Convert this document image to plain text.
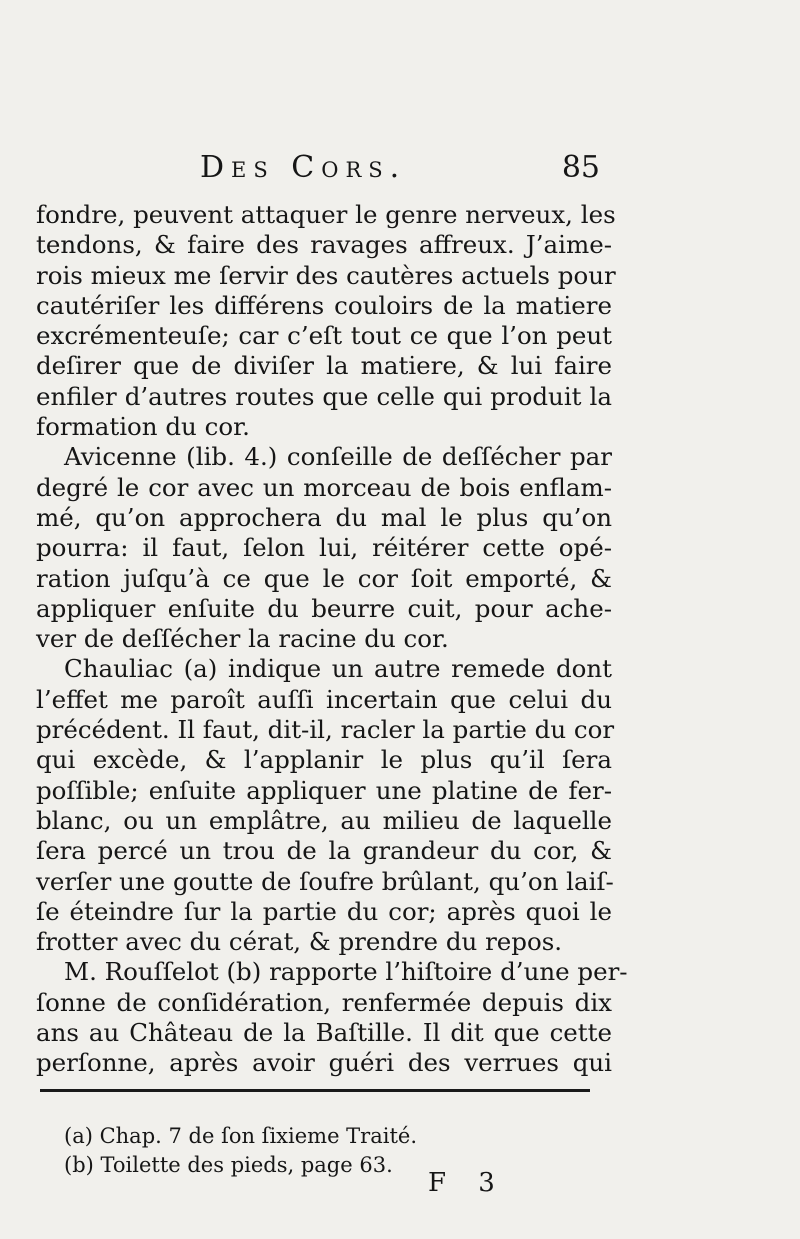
Des Cors.	85
fondre, peuvent attaquer le genre nerveux, les
tendons, & faire des ravages affreux. J’aime-
rois mieux me ſervir des cautères actuels pour
cautériſer les différens couloirs de la matiere
excrémenteuſe; car c’eſt tout ce que l’on peut
deſirer que de diviſer la matiere, & lui faire
enfiler d’autres routes que celle qui produit la
formation du cor.
Avicenne (lib. 4.) conſeille de deſſécher par
degré le cor avec un morceau de bois enflam-
mé, qu’on approchera du mal le plus qu’on
pourra: il faut, ſelon lui, réitérer cette opé-
ration juſqu’à ce que le cor ſoit emporté, &
appliquer enſuite du beurre cuit, pour ache-
ver de deſſécher la racine du cor.
Chauliac (a) indique un autre remede dont
l’effet me paroît auſſi incertain que celui du
précédent. Il faut, dit-il, racler la partie du cor
qui excède, & l’applanir le plus qu’il ſera
poſſible; enſuite appliquer une platine de fer-
blanc, ou un emplâtre, au milieu de laquelle
ſera percé un trou de la grandeur du cor, &
verſer une goutte de ſoufre brûlant, qu’on laiſ-
ſe éteindre ſur la partie du cor; après quoi le
frotter avec du cérat, & prendre du repos.
M. Rouſſelot (b) rapporte l’hiſtoire d’une per-
ſonne de conſidération, renfermée depuis dix
ans au Château de la Baſtille. Il dit que cette
perſonne, après avoir guéri des verrues qui
(a) Chap. 7 de ſon ſixieme Traité.
(b) Toilette des pieds, page 63.
F 3
